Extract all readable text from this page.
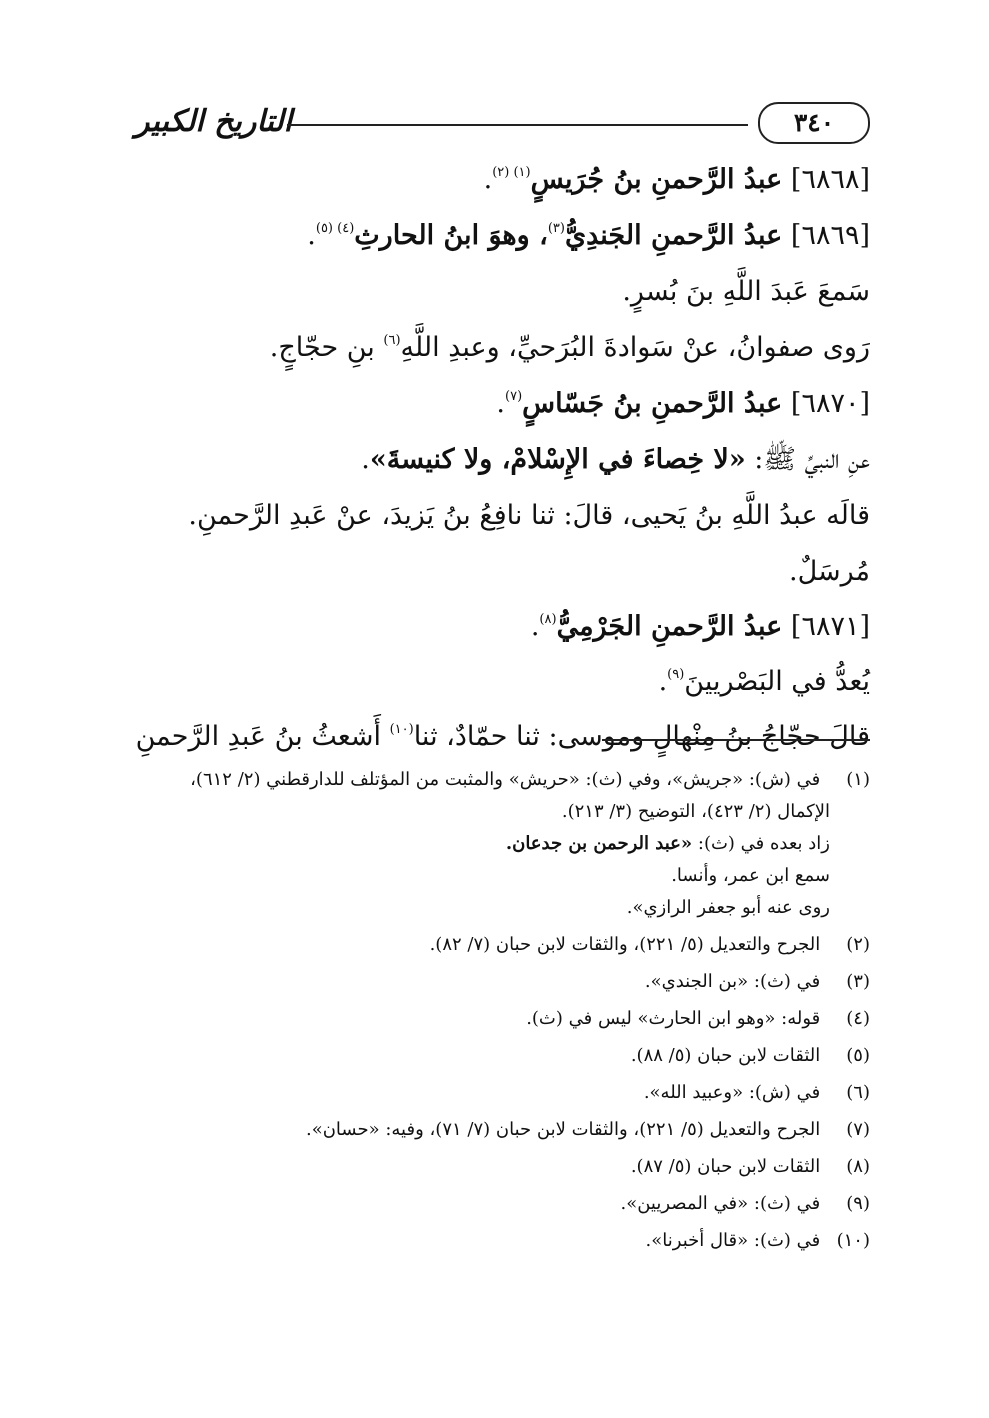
التاريخ الكبير	٣٤٠
[٦٨٦٨] عبدُ الرَّحمنِ بنُ جُرَيسٍ$^{(١) (٢)}$.
[٦٨٦٩] عبدُ الرَّحمنِ الجَندِيُّ$^{(٣)}$، وهوَ ابنُ الحارثِ$^{(٤) (٥)}$.
سَمعَ عَبدَ اللَّهِ بنَ بُسرٍ.
رَوى صفوانُ، عنْ سَوادةَ البُرَحيِّ، وعبدِ اللَّهِ$^{(٦)}$ بنِ حجّاجٍ.
[٦٨٧٠] عبدُ الرَّحمنِ بنُ جَسّاسٍ$^{(٧)}$.
عنِ النبيِّ ﷺ: «لا خِصاءَ في الإِسْلامْ، ولا كنيسةَ».
قالَه عبدُ اللَّهِ بنُ يَحيى، قالَ: ثنا نافِعُ بنُ يَزيدَ، عنْ عَبدِ الرَّحمنِ.
مُرسَلٌ.
[٦٨٧١] عبدُ الرَّحمنِ الجَرْمِيُّ$^{(٨)}$.
يُعدُّ في البَصْريينَ$^{(٩)}$.
قالَ حجّاجُ بنُ مِنْهالٍ وموسى: ثنا حمّادٌ، ثنا$^{(١٠)}$ أَشعثُ بنُ عَبدِ الرَّحمنِ
(١) في (ش): «جريش»، وفي (ث): «حريش» والمثبت من المؤتلف للدارقطني (٢/ ٦١٢)،
الإكمال (٢/ ٤٢٣)، التوضيح (٣/ ٢١٣).
زاد بعده في (ث): «عبد الرحمن بن جدعان.
سمع ابن عمر، وأنسا.
روى عنه أبو جعفر الرازي».
(٢) الجرح والتعديل (٥/ ٢٢١)، والثقات لابن حبان (٧/ ٨٢).
(٣) في (ث): «بن الجندي».
(٤) قوله: «وهو ابن الحارث» ليس في (ث).
(٥) الثقات لابن حبان (٥/ ٨٨).
(٦) في (ش): «وعبيد الله».
(٧) الجرح والتعديل (٥/ ٢٢١)، والثقات لابن حبان (٧/ ٧١)، وفيه: «حسان».
(٨) الثقات لابن حبان (٥/ ٨٧).
(٩) في (ث): «في المصريين».
(١٠) في (ث): «قال أخبرنا».
